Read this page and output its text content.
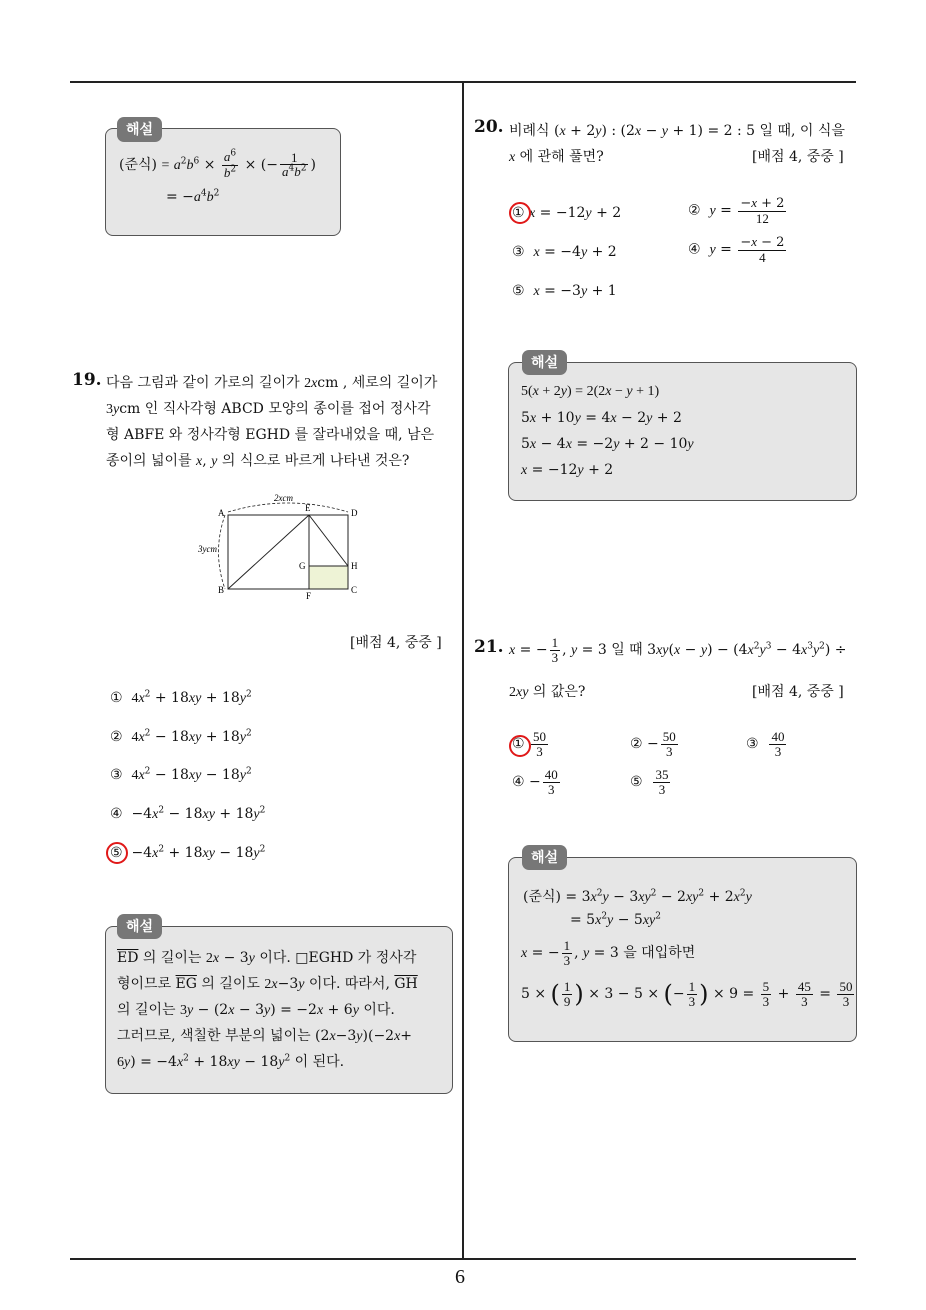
6
해설
(준식) = $a^2b^6 \times \frac{a^6}{b^2}$ × (− $\frac{1}{a^4b^2}$ )
= $-a^4b^2$
19. 다음 그림과 같이 가로의 길이가 2xcm , 세로의 길이가
3ycm 인 직사각형 ABCD 모양의 종이를 접어 정사각
형 ABFE 와 정사각형 EGHD 를 잘라내었을 때, 남은
종이의 넓이를 x, y 의 식으로 바르게 나타낸 것은?
2xcm
3ycm
A	E	D
B
F
C
G	H
[배점 4, 중중 ]
①  $4x^2 + 18xy + 18y^2$
②  $4x^2 - 18xy + 18y^2$
③  $4x^2 - 18xy - 18y^2$
④  $-4x^2 - 18xy + 18y^2$
⑤  $-4x^2 + 18xy - 18y^2$
해설
$\overline{ED}$ 의 길이는 2x − 3y 이다. □EGHD 가 정사각
형이므로 $\overline{EG}$ 의 길이도 2x−3y 이다. 따라서, $\overline{GH}$
의 길이는 3y − (2x − 3y) = −2x + 6y 이다.
그러므로, 색칠한 부분의 넓이는 (2x−3y)(−2x+
$6y) = -4x^2 + 18xy - 18y^2$ 이 된다.
20. 비례식 (x + 2y) : (2x − y + 1) = 2 : 5 일 때, 이 식을
x 에 관해 풀면?	[배점 4, 중중 ]
① x = −12y + 2	②  $y = \frac{-x + 2}{12}$
③  x = −4y + 2	④  $y = \frac{-x - 2}{4}$
⑤  x = −3y + 1
해설
5(x + 2y) = 2(2x − y + 1)
5x + 10y = 4x − 2y + 2
5x − 4x = −2y + 2 − 10y
x = −12y + 2
21. x = − $\frac{1}{3}$ , y = 3 일 때 $3xy(x - y) - (4x^2y^3 - 4x^3y^2)$ ÷
2xy 의 값은?	[배점 4, 중중 ]
① $\frac{50}{3}$	② − $\frac{50}{3}$	③ $\frac{40}{3}$
④ − $\frac{40}{3}$	⑤ $\frac{35}{3}$
해설
(준식) = $3x^2y - 3xy^2 - 2xy^2 + 2x^2y$
= $5x^2y - 5xy^2$
x = − $\frac{1}{3}$ , y = 3 을 대입하면
5 × ( $\frac{1}{9}$ ) × 3 − 5 × (− $\frac{1}{3}$ ) × $9 = \frac{5}{3} + \frac{45}{3} = \frac{50}{3}$
